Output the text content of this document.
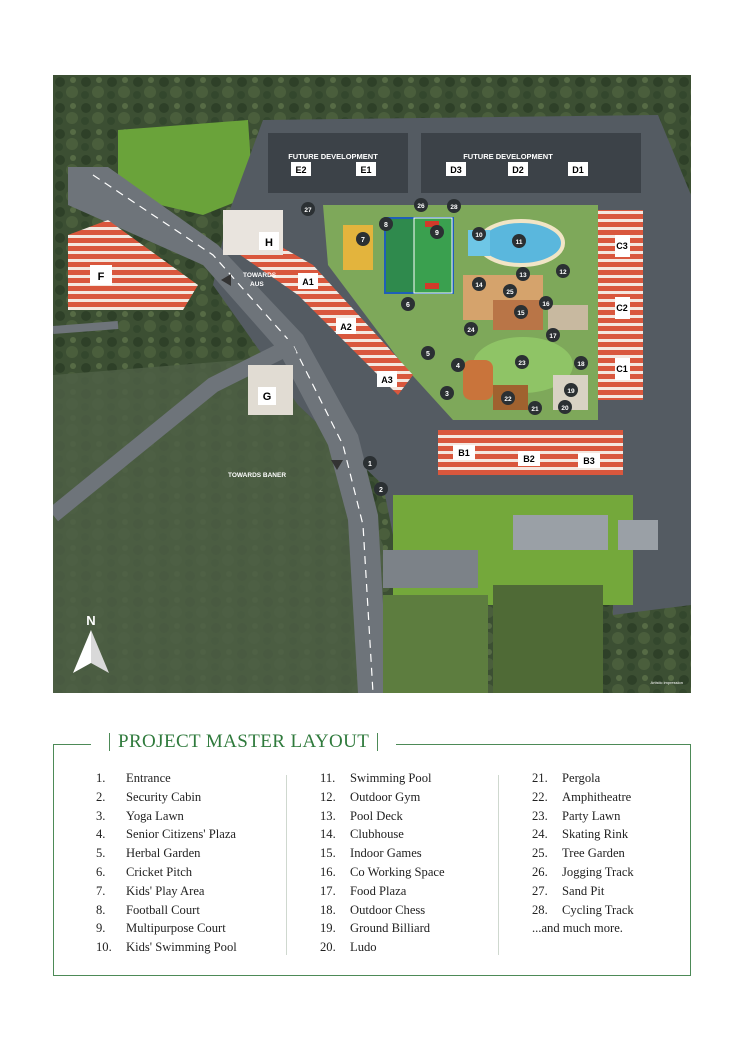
FUTURE DEVELOPMENT	FUTURE DEVELOPMENT
E2	E1	D3	D2	D1
H
F
G
A1
A2
A3
B1
B2	B3
C3
C2
C1
TOWARDS
AUS
TOWARDS BANER
1
2
3
4
5
6
7
8
9	10
11
12
13
14
15
16
17
18
19
20
21
22
23
24
25
26
27	28
N
Artistic impression
PROJECT MASTER LAYOUT
1.	Entrance
2.	Security Cabin
3.	Yoga Lawn
4.	Senior Citizens' Plaza
5.	Herbal Garden
6.	Cricket Pitch
7.	Kids' Play Area
8.	Football Court
9.	Multipurpose Court
10.	Kids' Swimming Pool
11.	Swimming Pool
12.	Outdoor Gym
13.	Pool Deck
14.	Clubhouse
15.	Indoor Games
16.	Co Working Space
17.	Food Plaza
18.	Outdoor Chess
19.	Ground Billiard
20.	Ludo
21.	Pergola
22.	Amphitheatre
23.	Party Lawn
24.	Skating Rink
25.	Tree Garden
26.	Jogging Track
27.	Sand Pit
28.	Cycling Track
...and much more.
